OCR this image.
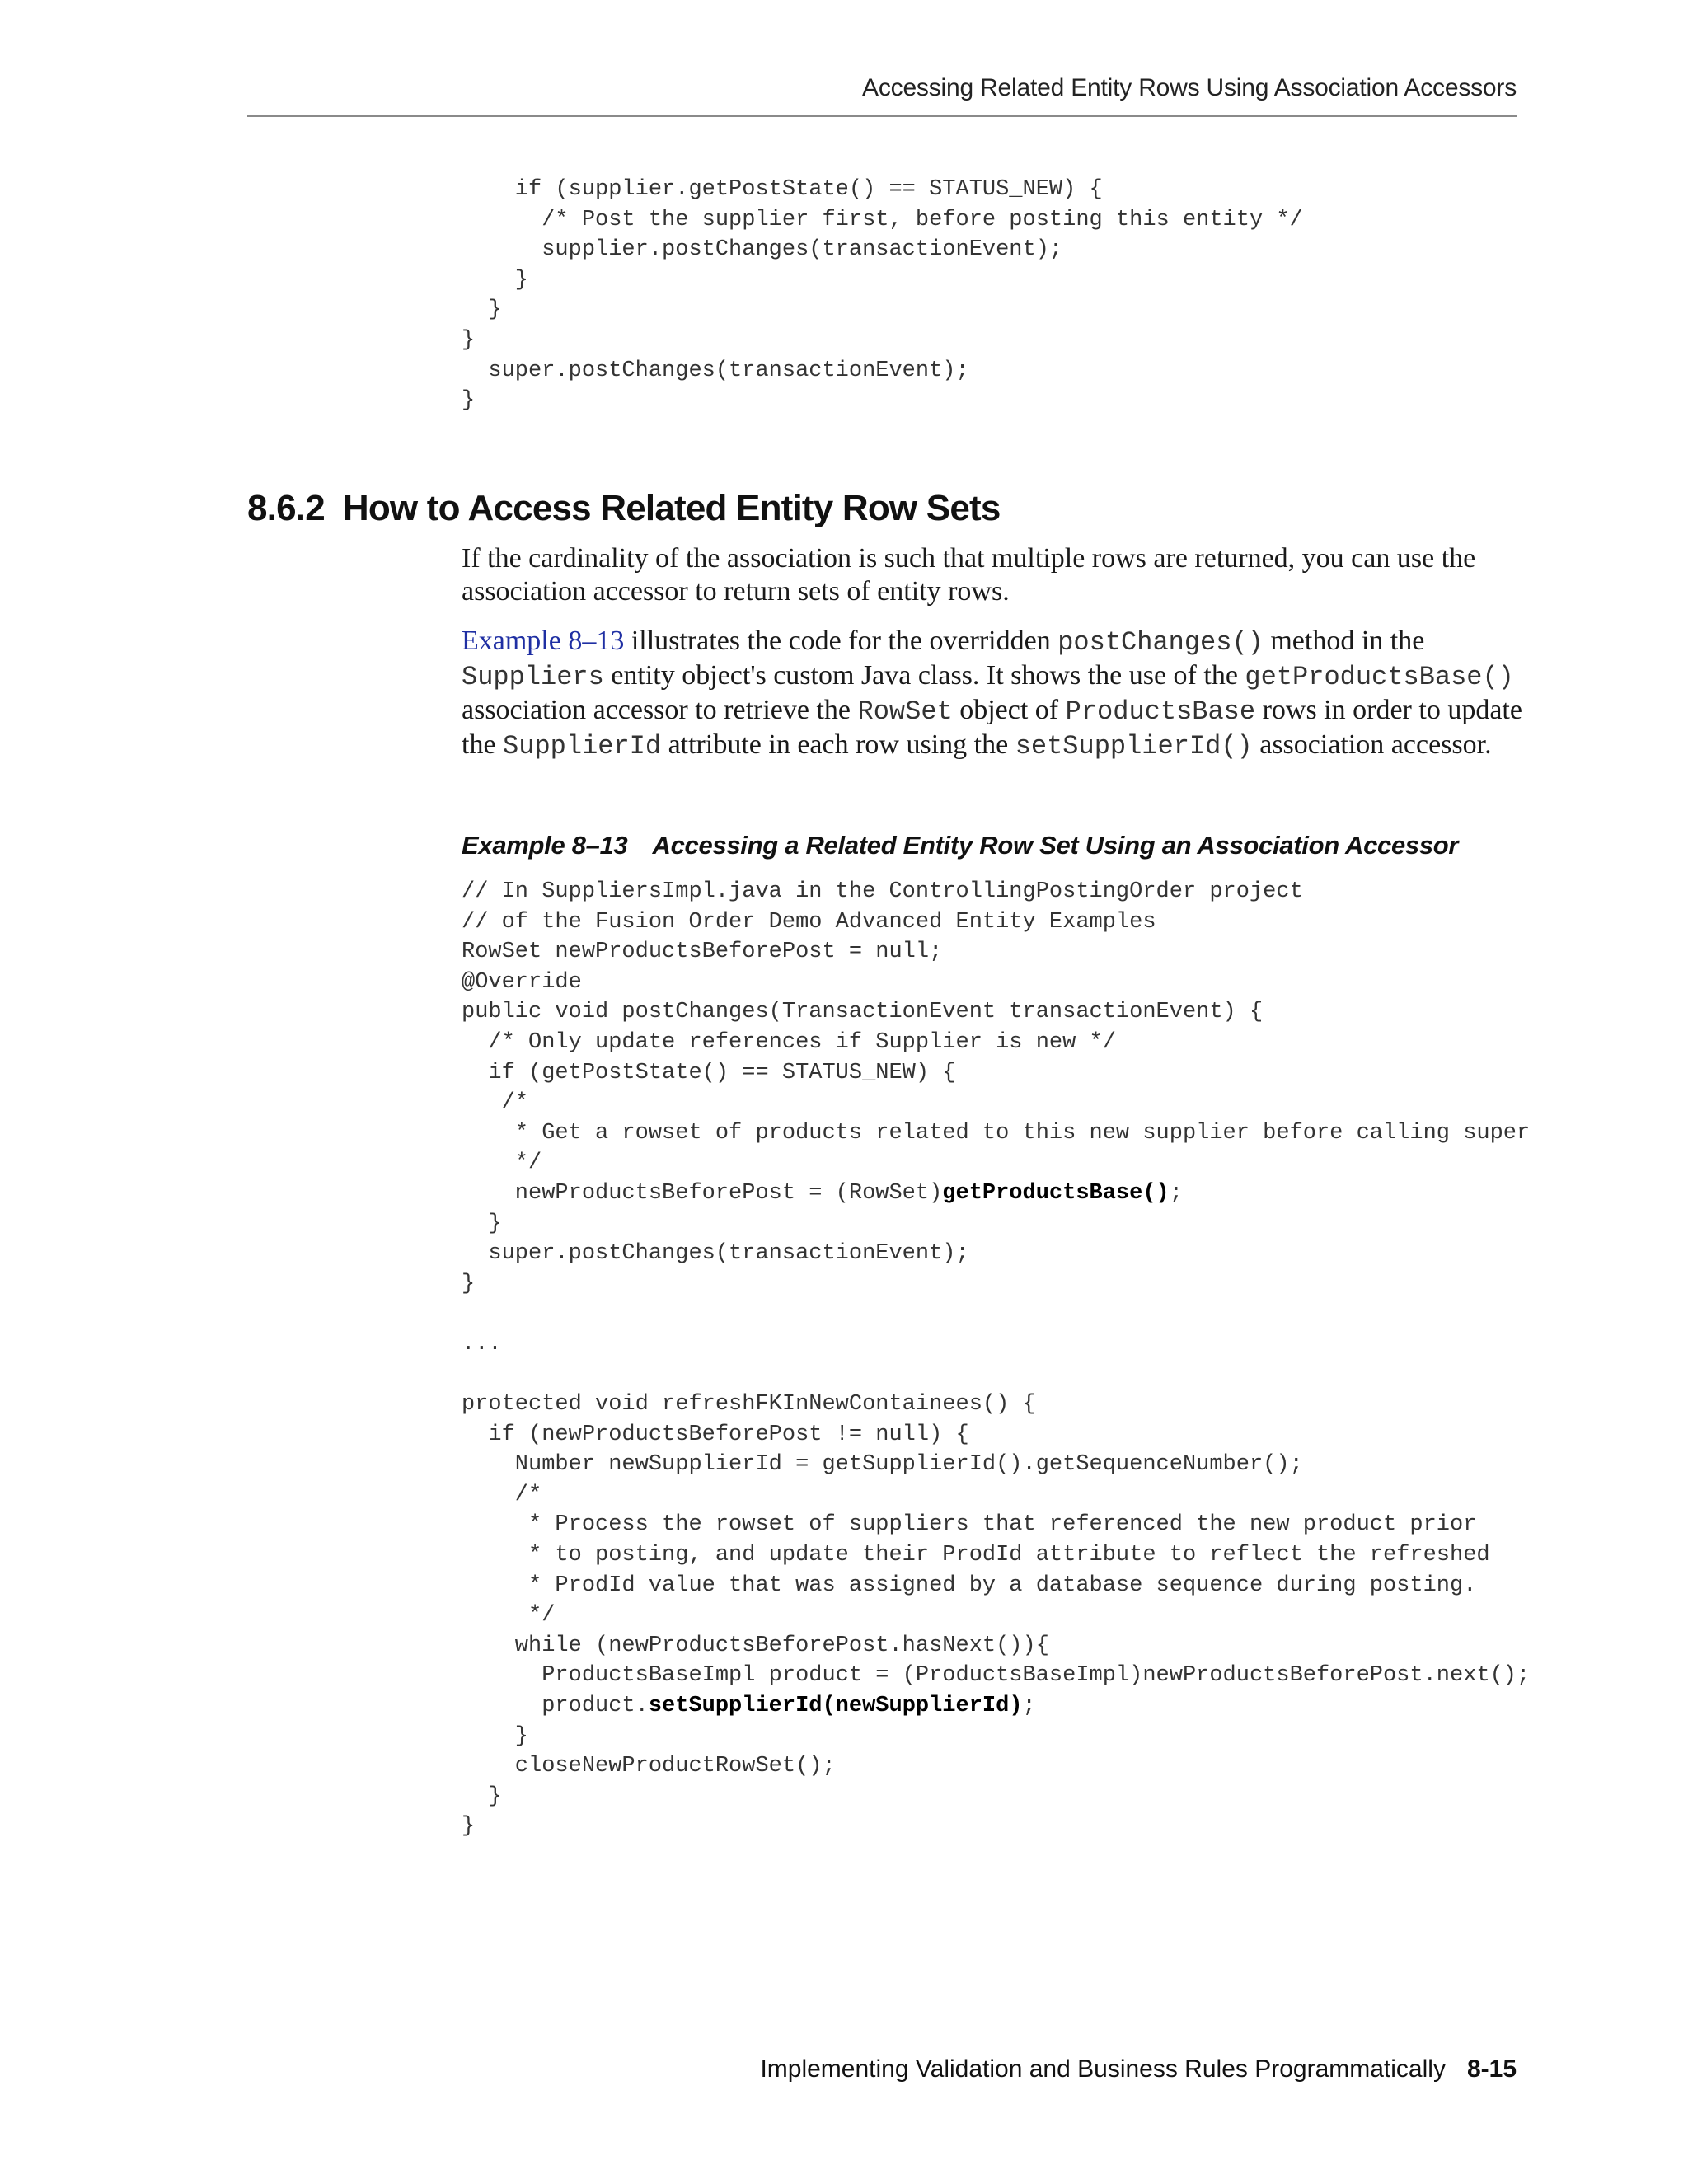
Accessing Related Entity Rows Using Association Accessors
if (supplier.getPostState() == STATUS_NEW) {
/* Post the supplier first, before posting this entity */
supplier.postChanges(transactionEvent);
}
}
}
super.postChanges(transactionEvent);
}
8.6.2 How to Access Related Entity Row Sets

If the cardinality of the association is such that multiple rows are returned, you can use the association accessor to return sets of entity rows.

Example 8–13 illustrates the code for the overridden postChanges() method in the Suppliers entity object's custom Java class. It shows the use of the getProductsBase() association accessor to retrieve the RowSet object of ProductsBase rows in order to update the SupplierId attribute in each row using the setSupplierId() association accessor.

Example 8–13 Accessing a Related Entity Row Set Using an Association Accessor

// In SuppliersImpl.java in the ControllingPostingOrder project
// of the Fusion Order Demo Advanced Entity Examples
RowSet newProductsBeforePost = null;
@Override
public void postChanges(TransactionEvent transactionEvent) {
/* Only update references if Supplier is new */
if (getPostState() == STATUS_NEW) {
/*
* Get a rowset of products related to this new supplier before calling super
*/
newProductsBeforePost = (RowSet)getProductsBase();
}
super.postChanges(transactionEvent);
}

...

protected void refreshFKInNewContainees() {
if (newProductsBeforePost != null) {
Number newSupplierId = getSupplierId().getSequenceNumber();
/*
* Process the rowset of suppliers that referenced the new product prior
* to posting, and update their ProdId attribute to reflect the refreshed
* ProdId value that was assigned by a database sequence during posting.
*/
while (newProductsBeforePost.hasNext()){
ProductsBaseImpl product = (ProductsBaseImpl)newProductsBeforePost.next();
product.setSupplierId(newSupplierId);
}
closeNewProductRowSet();
}
}
Implementing Validation and Business Rules Programmatically 8-15
